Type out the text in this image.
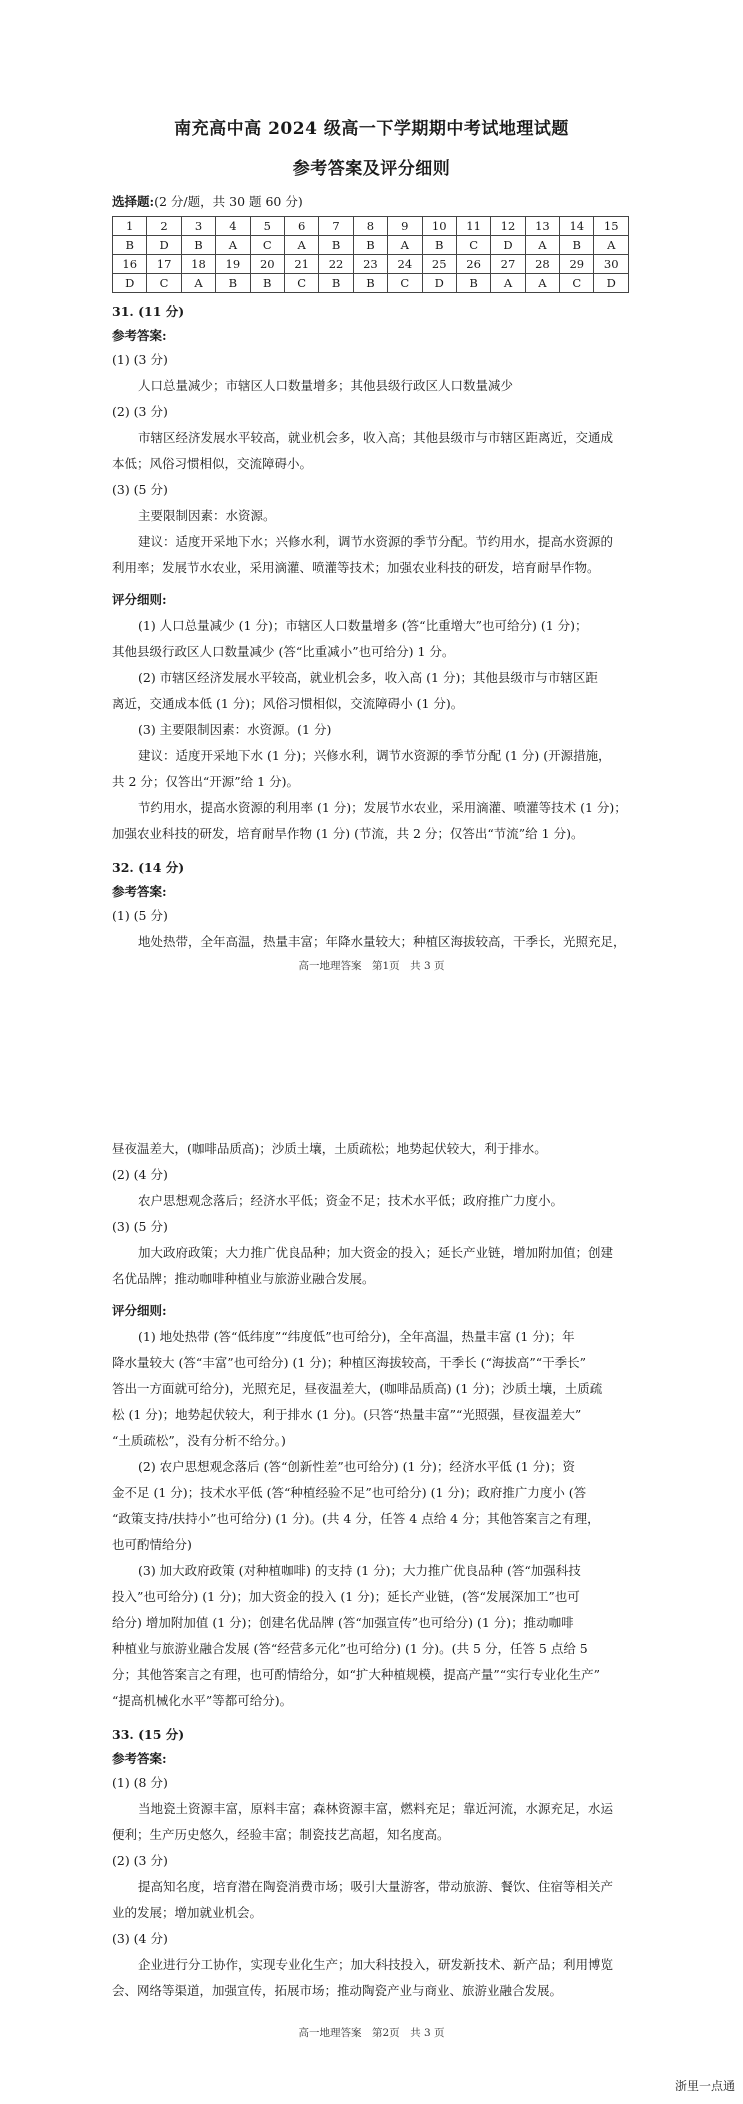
南充高中高 2024 级高一下学期期中考试地理试题
参考答案及评分细则
选择题:(2 分/题，共 30 题 60 分)
1	2	3	4	5	6	7	8	9	10	11	12	13	14	15
B	D	B	A	C	A	B	B	A	B	C	D	A	B	A
16	17	18	19	20	21	22	23	24	25	26	27	28	29	30
D	C	A	B	B	C	B	B	C	D	B	A	A	C	D
31. (11 分)
参考答案:
(1) (3 分)
人口总量减少；市辖区人口数量增多；其他县级行政区人口数量减少
(2) (3 分)
市辖区经济发展水平较高，就业机会多，收入高；其他县级市与市辖区距离近，交通成
本低；风俗习惯相似，交流障碍小。
(3) (5 分)
主要限制因素：水资源。
建议：适度开采地下水；兴修水利，调节水资源的季节分配。节约用水，提高水资源的
利用率；发展节水农业，采用滴灌、喷灌等技术；加强农业科技的研发，培育耐旱作物。
评分细则:
(1) 人口总量减少 (1 分)；市辖区人口数量增多 (答“比重增大”也可给分) (1 分)；
其他县级行政区人口数量减少 (答“比重减小”也可给分) 1 分。
(2) 市辖区经济发展水平较高，就业机会多，收入高 (1 分)；其他县级市与市辖区距
离近，交通成本低 (1 分)；风俗习惯相似，交流障碍小 (1 分)。
(3) 主要限制因素：水资源。(1 分)
建议：适度开采地下水 (1 分)；兴修水利，调节水资源的季节分配 (1 分) (开源措施，
共 2 分；仅答出“开源”给 1 分)。
节约用水，提高水资源的利用率 (1 分)；发展节水农业，采用滴灌、喷灌等技术 (1 分)；
加强农业科技的研发，培育耐旱作物 (1 分) (节流，共 2 分；仅答出“节流”给 1 分)。
32. (14 分)
参考答案:
(1) (5 分)
地处热带，全年高温，热量丰富；年降水量较大；种植区海拔较高，干季长，光照充足，
高一地理答案　第1页　共 3 页
昼夜温差大，(咖啡品质高)；沙质土壤，土质疏松；地势起伏较大，利于排水。
(2) (4 分)
农户思想观念落后；经济水平低；资金不足；技术水平低；政府推广力度小。
(3) (5 分)
加大政府政策；大力推广优良品种；加大资金的投入；延长产业链，增加附加值；创建
名优品牌；推动咖啡种植业与旅游业融合发展。
评分细则:
(1) 地处热带 (答“低纬度”“纬度低”也可给分)，全年高温，热量丰富 (1 分)；年
降水量较大 (答“丰富”也可给分) (1 分)；种植区海拔较高，干季长 (“海拔高”“干季长”
答出一方面就可给分)，光照充足，昼夜温差大，(咖啡品质高) (1 分)；沙质土壤，土质疏
松 (1 分)；地势起伏较大，利于排水 (1 分)。(只答“热量丰富”“光照强，昼夜温差大”
“土质疏松”，没有分析不给分。)
(2) 农户思想观念落后 (答“创新性差”也可给分) (1 分)；经济水平低 (1 分)；资
金不足 (1 分)；技术水平低 (答“种植经验不足”也可给分) (1 分)；政府推广力度小 (答
“政策支持/扶持小”也可给分) (1 分)。(共 4 分，任答 4 点给 4 分；其他答案言之有理，
也可酌情给分)
(3) 加大政府政策 (对种植咖啡) 的支持 (1 分)；大力推广优良品种 (答“加强科技
投入”也可给分) (1 分)；加大资金的投入 (1 分)；延长产业链，(答“发展深加工”也可
给分) 增加附加值 (1 分)；创建名优品牌 (答“加强宣传”也可给分) (1 分)；推动咖啡
种植业与旅游业融合发展 (答“经营多元化”也可给分) (1 分)。(共 5 分，任答 5 点给 5
分；其他答案言之有理，也可酌情给分，如“扩大种植规模，提高产量”“实行专业化生产”
“提高机械化水平”等都可给分)。
33. (15 分)
参考答案:
(1) (8 分)
当地瓷土资源丰富，原料丰富；森林资源丰富，燃料充足；靠近河流，水源充足，水运
便利；生产历史悠久，经验丰富；制瓷技艺高超，知名度高。
(2) (3 分)
提高知名度，培育潜在陶瓷消费市场；吸引大量游客，带动旅游、餐饮、住宿等相关产
业的发展；增加就业机会。
(3) (4 分)
企业进行分工协作，实现专业化生产；加大科技投入，研发新技术、新产品；利用博览
会、网络等渠道，加强宣传，拓展市场；推动陶瓷产业与商业、旅游业融合发展。
高一地理答案　第2页　共 3 页
浙里一点通
